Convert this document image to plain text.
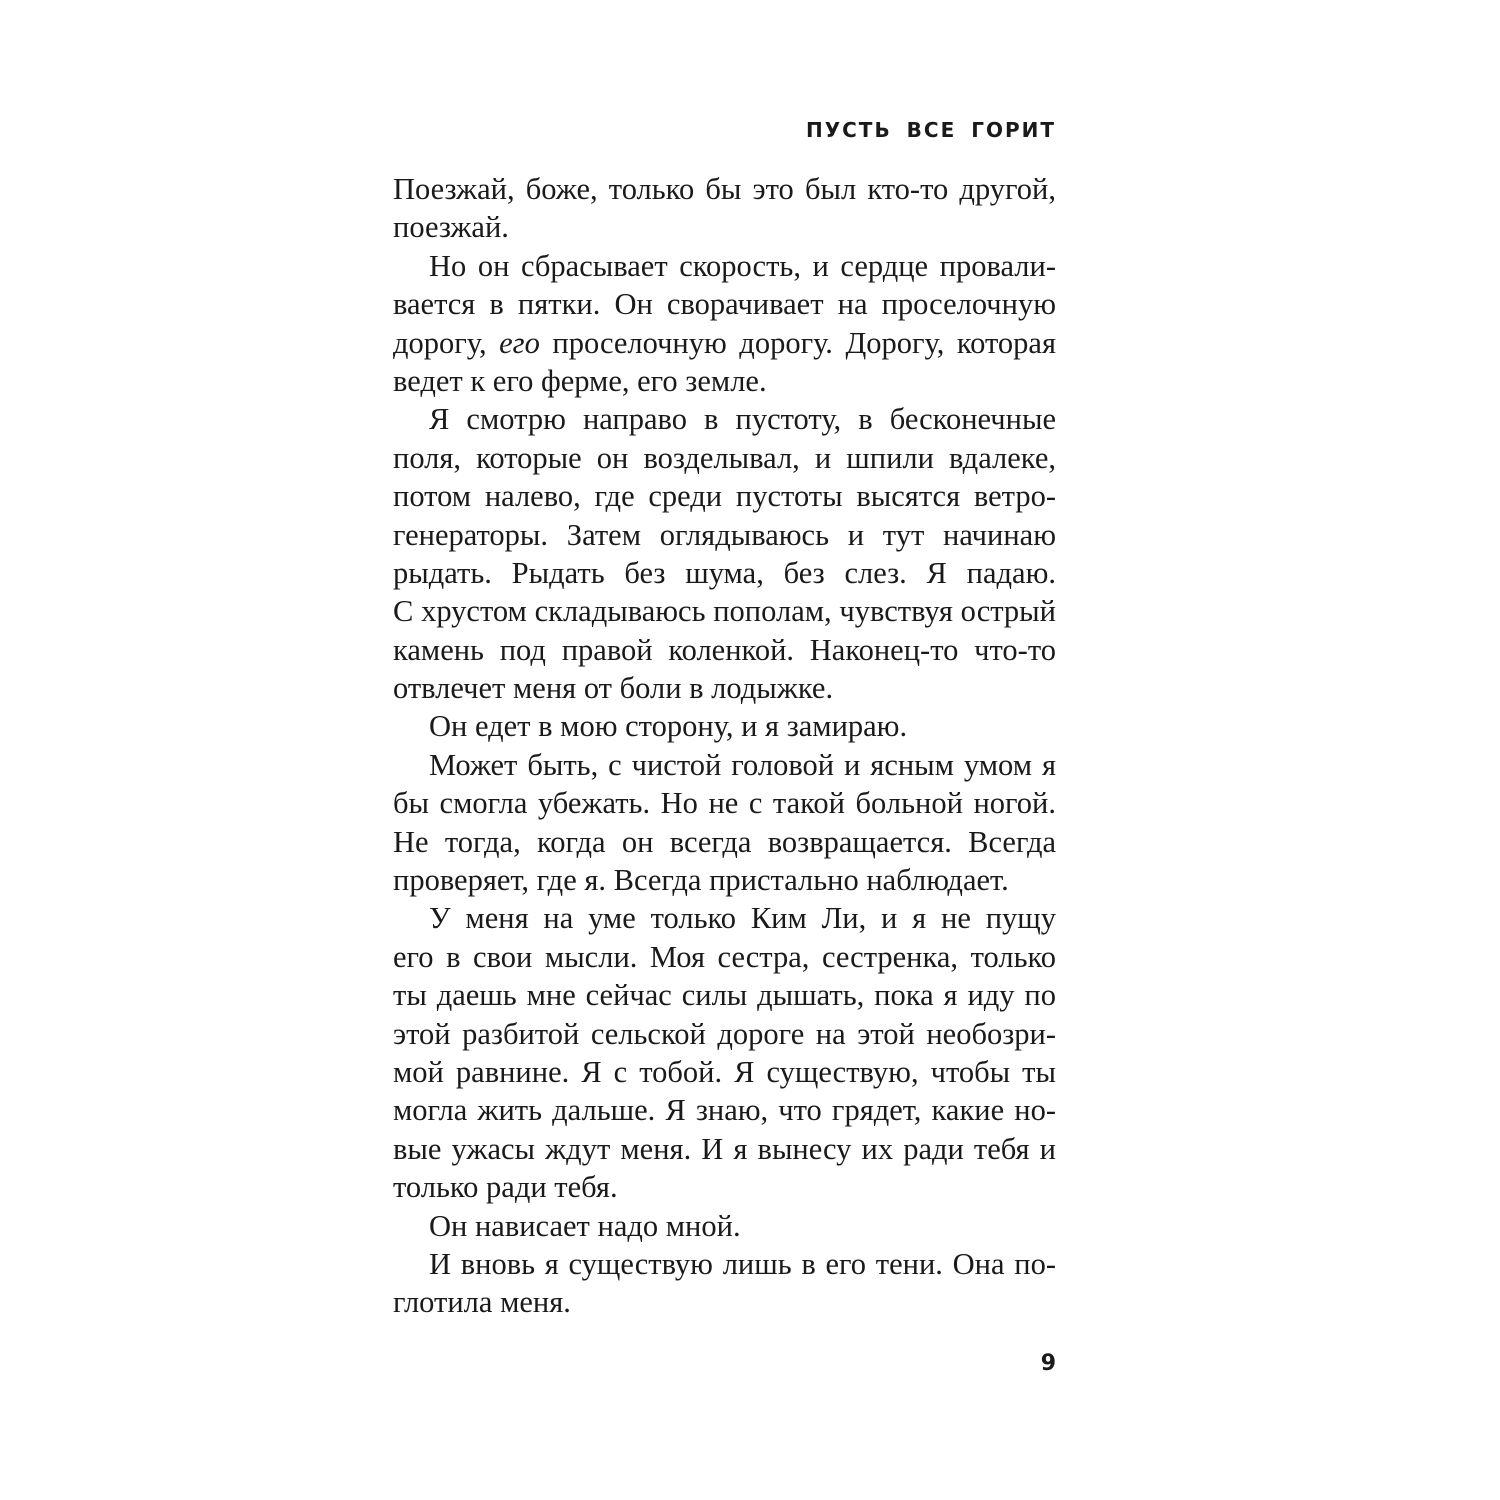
ПУСТЬ ВСЕ ГОРИТ
Поезжай, боже, только бы это был кто-то другой,
поезжай.
Но он сбрасывает скорость, и сердце провали-
вается в пятки. Он сворачивает на проселочную
дорогу, его проселочную дорогу. Дорогу, которая
ведет к его ферме, его земле.
Я смотрю направо в пустоту, в бесконечные
поля, которые он возделывал, и шпили вдалеке,
потом налево, где среди пустоты высятся ветро-
генераторы. Затем оглядываюсь и тут начинаю
рыдать. Рыдать без шума, без слез. Я падаю.
С хрустом складываюсь пополам, чувствуя острый
камень под правой коленкой. Наконец-то что-то
отвлечет меня от боли в лодыжке.
Он едет в мою сторону, и я замираю.
Может быть, с чистой головой и ясным умом я
бы смогла убежать. Но не с такой больной ногой.
Не тогда, когда он всегда возвращается. Всегда
проверяет, где я. Всегда пристально наблюдает.
У меня на уме только Ким Ли, и я не пущу
его в свои мысли. Моя сестра, сестренка, только
ты даешь мне сейчас силы дышать, пока я иду по
этой разбитой сельской дороге на этой необозри-
мой равнине. Я с тобой. Я существую, чтобы ты
могла жить дальше. Я знаю, что грядет, какие но-
вые ужасы ждут меня. И я вынесу их ради тебя и
только ради тебя.
Он нависает надо мной.
И вновь я существую лишь в его тени. Она по-
глотила меня.
9
